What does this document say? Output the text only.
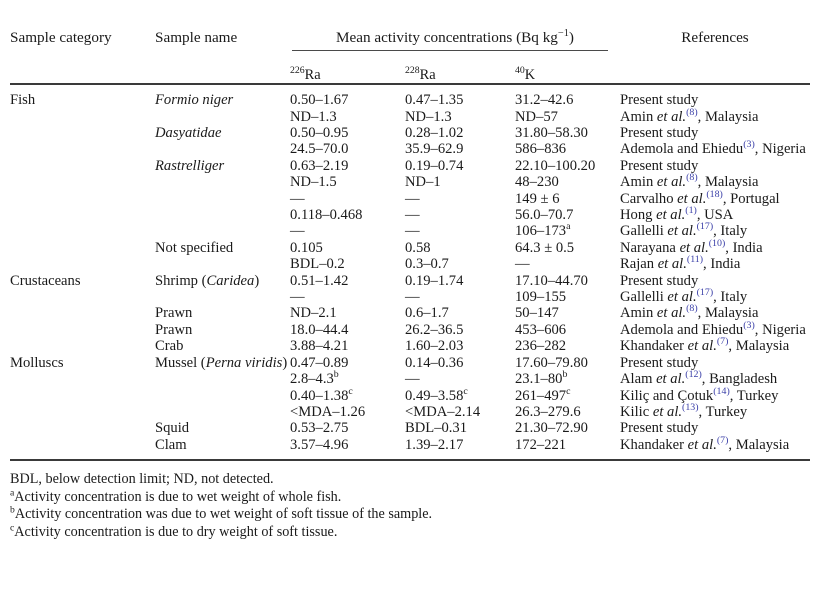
Sample category	Sample name	Mean activity concentrations (Bq kg$^{-1}$)			References

		$^{226}$Ra	$^{228}$Ra	$^{40}$K	
Fish	Formio niger	0.50–1.67	0.47–1.35	31.2–42.6	Present study
		ND–1.3	ND–1.3	ND–57	Amin et al.$^{(8)}$, Malaysia
	Dasyatidae	0.50–0.95	0.28–1.02	31.80–58.30	Present study
		24.5–70.0	35.9–62.9	586–836	Ademola and Ehiedu$^{(3)}$, Nigeria
	Rastrelliger	0.63–2.19	0.19–0.74	22.10–100.20	Present study
		ND–1.5	ND–1	48–230	Amin et al.$^{(8)}$, Malaysia
		—	—	149 ± 6	Carvalho et al.$^{(18)}$, Portugal
		0.118–0.468	—	56.0–70.7	Hong et al.$^{(1)}$, USA
		—	—	106–173$^a$	Gallelli et al.$^{(17)}$, Italy
	Not specified	0.105	0.58	64.3 ± 0.5	Narayana et al.$^{(10)}$, India
		BDL–0.2	0.3–0.7	—	Rajan et al.$^{(11)}$, India
Crustaceans	Shrimp (Caridea)	0.51–1.42	0.19–1.74	17.10–44.70	Present study
		—	—	109–155	Gallelli et al.$^{(17)}$, Italy
	Prawn	ND–2.1	0.6–1.7	50–147	Amin et al.$^{(8)}$, Malaysia
	Prawn	18.0–44.4	26.2–36.5	453–606	Ademola and Ehiedu$^{(3)}$, Nigeria
	Crab	3.88–4.21	1.60–2.03	236–282	Khandaker et al.$^{(7)}$, Malaysia
Molluscs	Mussel (Perna viridis)	0.47–0.89	0.14–0.36	17.60–79.80	Present study
		2.8–4.3$^b$	—	23.1–80$^b$	Alam et al.$^{(12)}$, Bangladesh
		0.40–1.38$^c$	0.49–3.58$^c$	261–497$^c$	Kiliç and Çotuk$^{(14)}$, Turkey
		<MDA–1.26	<MDA–2.14	26.3–279.6	Kilic et al.$^{(13)}$, Turkey
	Squid	0.53–2.75	BDL–0.31	21.30–72.90	Present study
	Clam	3.57–4.96	1.39–2.17	172–221	Khandaker et al.$^{(7)}$, Malaysia
BDL, below detection limit; ND, not detected.
$^a$Activity concentration is due to wet weight of whole fish.
$^b$Activity concentration was due to wet weight of soft tissue of the sample.
$^c$Activity concentration is due to dry weight of soft tissue.
